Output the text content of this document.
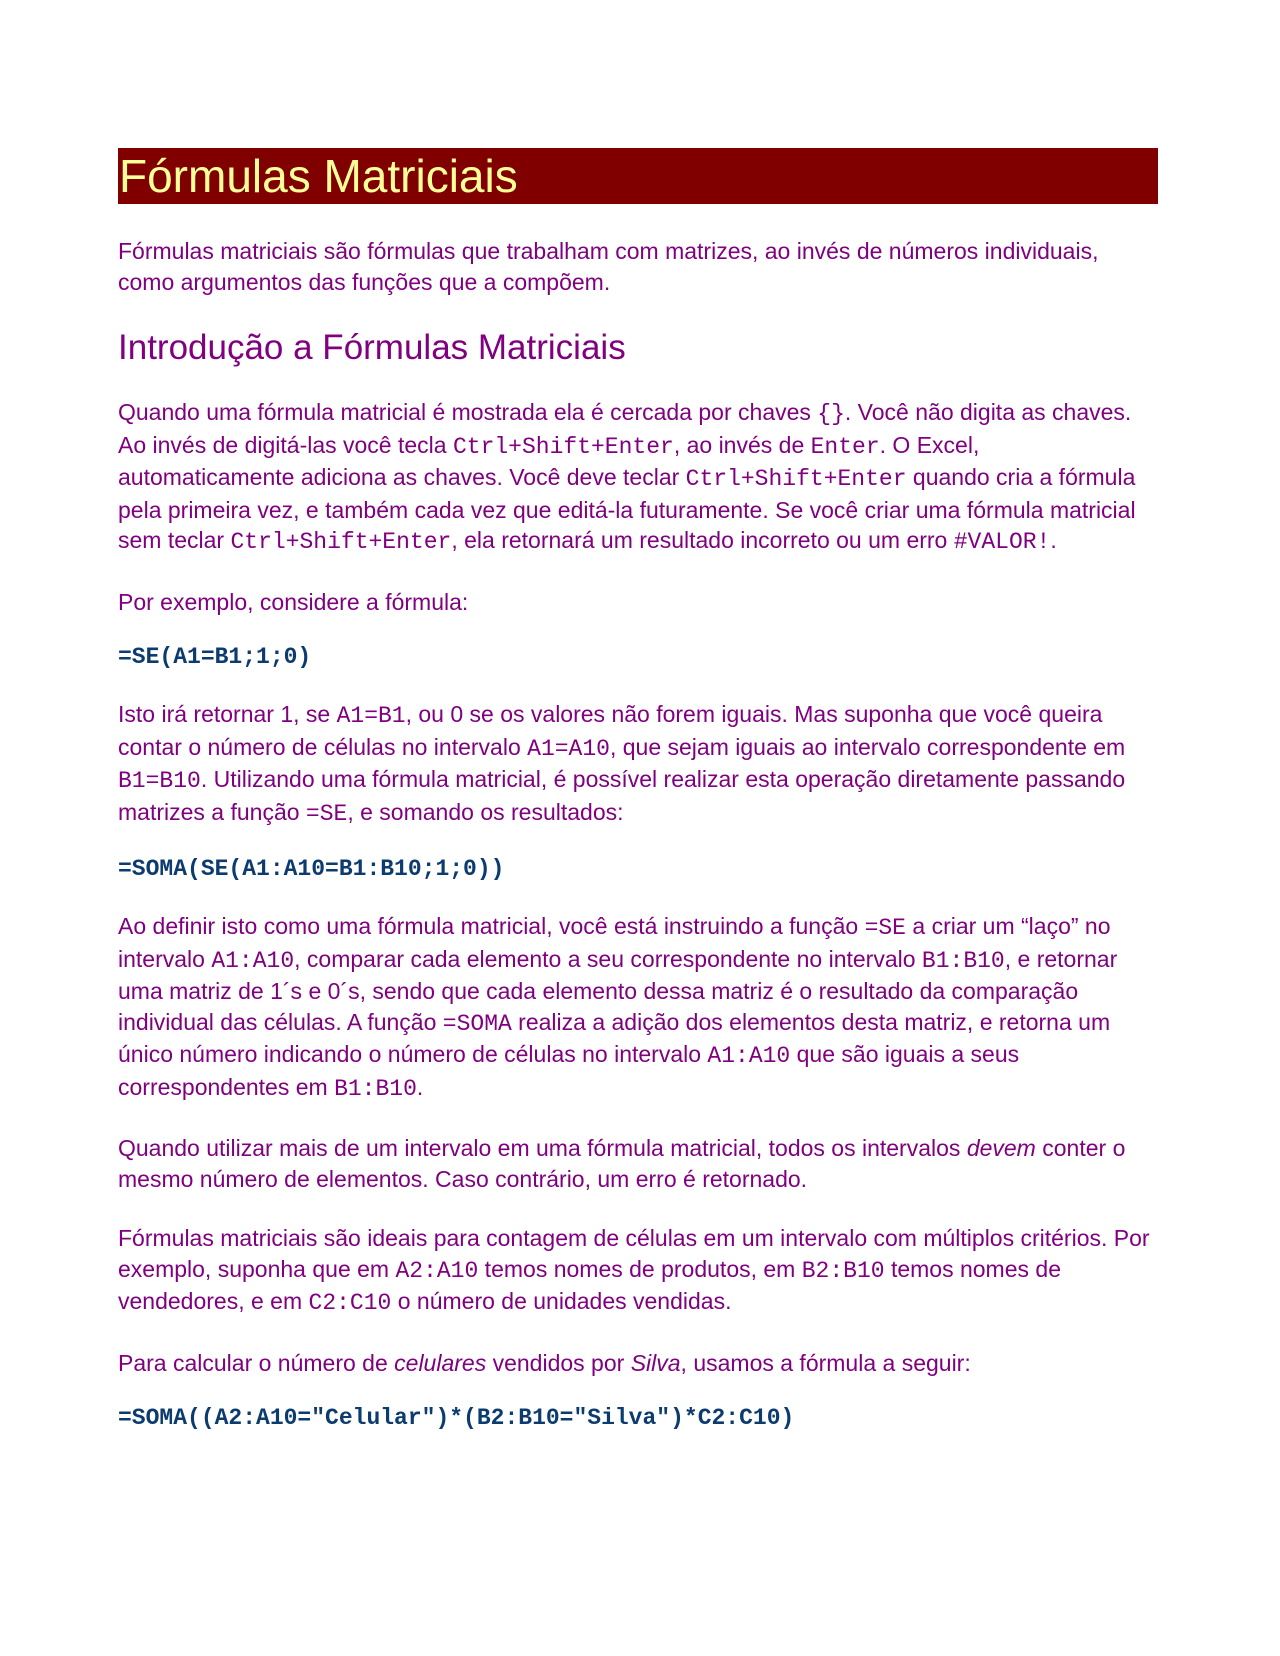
Fórmulas Matriciais

Fórmulas matriciais são fórmulas que trabalham com matrizes, ao invés de números individuais, como argumentos das funções que a compõem.

Introdução a Fórmulas Matriciais

Quando uma fórmula matricial é mostrada ela é cercada por chaves {}. Você não digita as chaves. Ao invés de digitá-las você tecla Ctrl+Shift+Enter, ao invés de Enter. O Excel, automaticamente adiciona as chaves. Você deve teclar Ctrl+Shift+Enter quando cria a fórmula pela primeira vez, e também cada vez que editá-la futuramente. Se você criar uma fórmula matricial sem teclar Ctrl+Shift+Enter, ela retornará um resultado incorreto ou um erro #VALOR!.

Por exemplo, considere a fórmula:

=SE(A1=B1;1;0)

Isto irá retornar 1, se A1=B1, ou 0 se os valores não forem iguais. Mas suponha que você queira contar o número de células no intervalo A1=A10, que sejam iguais ao intervalo correspondente em B1=B10. Utilizando uma fórmula matricial, é possível realizar esta operação diretamente passando matrizes a função =SE, e somando os resultados:

=SOMA(SE(A1:A10=B1:B10;1;0))

Ao definir isto como uma fórmula matricial, você está instruindo a função =SE a criar um “laço” no intervalo A1:A10, comparar cada elemento a seu correspondente no intervalo B1:B10, e retornar uma matriz de 1´s e 0´s, sendo que cada elemento dessa matriz é o resultado da comparação individual das células. A função =SOMA realiza a adição dos elementos desta matriz, e retorna um único número indicando o número de células no intervalo A1:A10 que são iguais a seus correspondentes em B1:B10.

Quando utilizar mais de um intervalo em uma fórmula matricial, todos os intervalos devem conter o mesmo número de elementos. Caso contrário, um erro é retornado.

Fórmulas matriciais são ideais para contagem de células em um intervalo com múltiplos critérios. Por exemplo, suponha que em A2:A10 temos nomes de produtos, em B2:B10 temos nomes de vendedores, e em C2:C10 o número de unidades vendidas.

Para calcular o número de celulares vendidos por Silva, usamos a fórmula a seguir:

=SOMA((A2:A10="Celular")*(B2:B10="Silva")*C2:C10)
